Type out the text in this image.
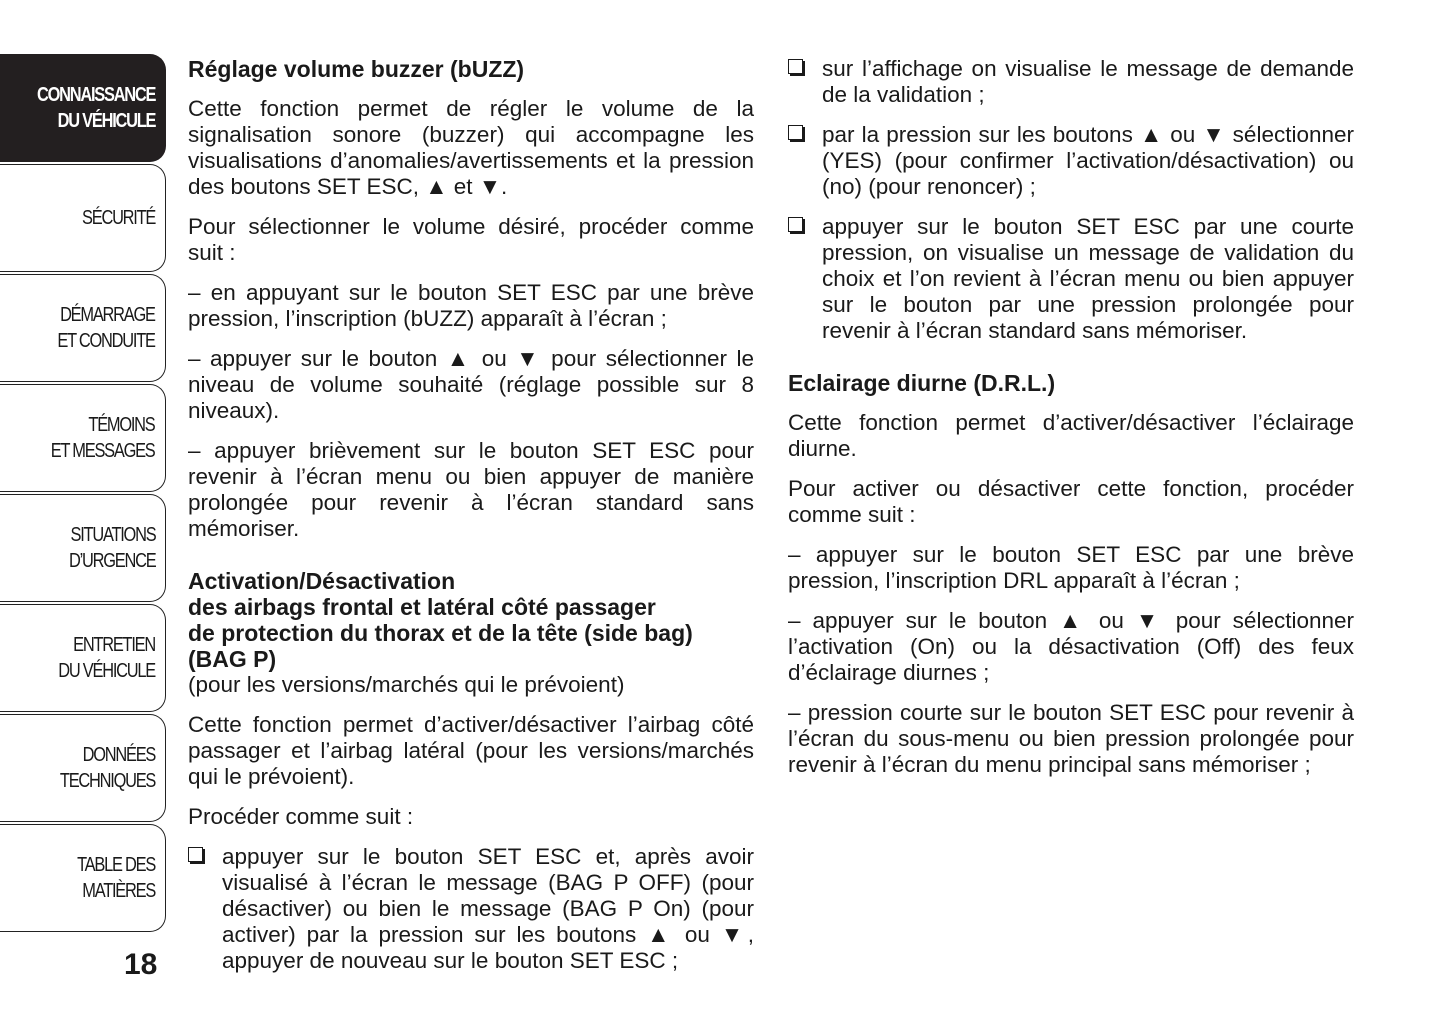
CONNAISSANCE
DU VÉHICULE
SÉCURITÉ
DÉMARRAGE
ET CONDUITE
TÉMOINS
ET MESSAGES
SITUATIONS
D’URGENCE
ENTRETIEN
DU VÉHICULE
DONNÉES
TECHNIQUES
TABLE DES
MATIÈRES
18
Réglage volume buzzer (bUZZ)

Cette fonction permet de régler le volume de la signalisation sonore (buzzer) qui accompagne les visualisations d’anomalies/avertissements et la pression des boutons SET ESC, ▲ et ▼.

Pour sélectionner le volume désiré, procéder comme suit :

– en appuyant sur le bouton SET ESC par une brève pression, l’inscription (bUZZ) apparaît à l’écran ;

– appuyer sur le bouton ▲ ou ▼ pour sélectionner le niveau de volume souhaité (réglage possible sur 8 niveaux).

– appuyer brièvement sur le bouton SET ESC pour revenir à l’écran menu ou bien appuyer de manière prolongée pour revenir à l’écran standard sans mémoriser.

Activation/Désactivation
des airbags frontal et latéral côté passager
de protection du thorax et de la tête (side bag)
(BAG P)

(pour les versions/marchés qui le prévoient)

Cette fonction permet d’activer/désactiver l’airbag côté passager et l’airbag latéral (pour les versions/marchés qui le prévoient).

Procéder comme suit :

appuyer sur le bouton SET ESC et, après avoir visualisé à l’écran le message (BAG P OFF) (pour désactiver) ou bien le message (BAG P On) (pour activer) par la pression sur les boutons ▲ ou ▼, appuyer de nouveau sur le bouton SET ESC ;
sur l’affichage on visualise le message de demande de la validation ;
par la pression sur les boutons ▲ ou ▼ sélectionner (YES) (pour confirmer l’activation/désactivation) ou (no) (pour renoncer) ;
appuyer sur le bouton SET ESC par une courte pression, on visualise un message de validation du choix et l’on revient à l’écran menu ou bien appuyer sur le bouton par une pression prolongée pour revenir à l’écran standard sans mémoriser.
Eclairage diurne (D.R.L.)

Cette fonction permet d’activer/désactiver l’éclairage diurne.

Pour activer ou désactiver cette fonction, procéder comme suit :

– appuyer sur le bouton SET ESC par une brève pression, l’inscription DRL apparaît à l’écran ;

– appuyer sur le bouton ▲ ou ▼ pour sélectionner l’activation (On) ou la désactivation (Off) des feux d’éclairage diurnes ;

– pression courte sur le bouton SET ESC pour revenir à l’écran du sous-menu ou bien pression prolongée pour revenir à l’écran du menu principal sans mémoriser ;
